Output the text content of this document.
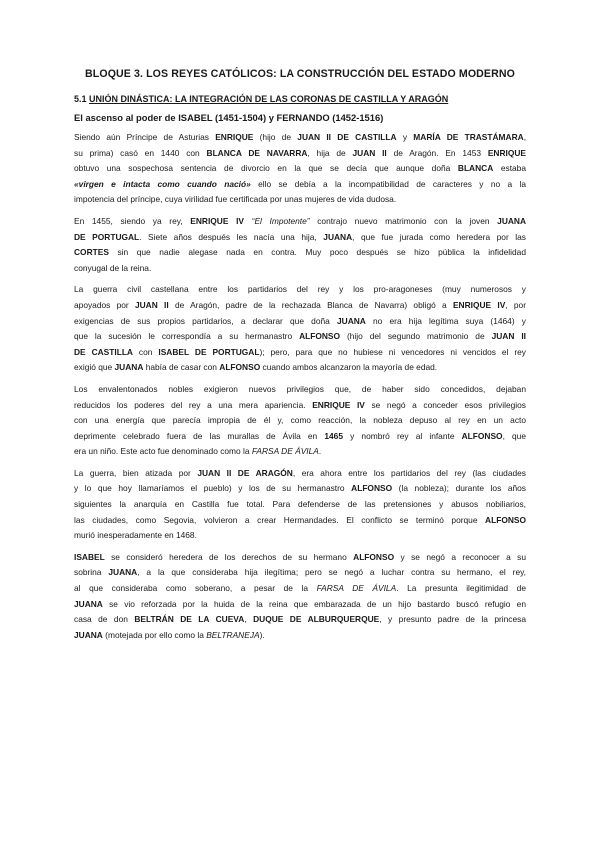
BLOQUE 3. LOS REYES CATÓLICOS: LA CONSTRUCCIÓN DEL ESTADO MODERNO
5.1 UNIÓN DINÁSTICA: LA INTEGRACIÓN DE LAS CORONAS DE CASTILLA Y ARAGÓN
El ascenso al poder de ISABEL (1451-1504) y FERNANDO (1452-1516)
Siendo aún Príncipe de Asturias ENRIQUE (hijo de JUAN II DE CASTILLA y MARÍA DE TRASTÁMARA,
su prima) casó en 1440 con BLANCA DE NAVARRA, hija de JUAN II de Aragón. En 1453 ENRIQUE
obtuvo una sospechosa sentencia de divorcio en la que se decía que aunque doña BLANCA estaba
«virgen e intacta como cuando nació» ello se debía a la incompatibilidad de caracteres y no a la
impotencia del príncipe, cuya virilidad fue certificada por unas mujeres de vida dudosa.
En 1455, siendo ya rey, ENRIQUE IV “El Impotente” contrajo nuevo matrimonio con la joven JUANA
DE PORTUGAL. Siete años después les nacía una hija, JUANA, que fue jurada como heredera por las
CORTES sin que nadie alegase nada en contra. Muy poco después se hizo pública la infidelidad
conyugal de la reina.
La guerra civil castellana entre los partidarios del rey y los pro-aragoneses (muy numerosos y
apoyados por JUAN II de Aragón, padre de la rechazada Blanca de Navarra) obligó a ENRIQUE IV, por
exigencias de sus propios partidarios, a declarar que doña JUANA no era hija legítima suya (1464) y
que la sucesión le correspondía a su hermanastro ALFONSO (hijo del segundo matrimonio de JUAN II
DE CASTILLA con ISABEL DE PORTUGAL); pero, para que no hubiese ni vencedores ni vencidos el rey
exigió que JUANA había de casar con ALFONSO cuando ambos alcanzaron la mayoría de edad.
Los envalentonados nobles exigieron nuevos privilegios que, de haber sido concedidos, dejaban
reducidos los poderes del rey a una mera apariencia. ENRIQUE IV se negó a conceder esos privilegios
con una energía que parecía impropia de él y, como reacción, la nobleza depuso al rey en un acto
deprimente celebrado fuera de las murallas de Ávila en 1465 y nombró rey al infante ALFONSO, que
era un niño. Este acto fue denominado como la FARSA DE ÁVILA.
La guerra, bien atizada por JUAN II DE ARAGÓN, era ahora entre los partidarios del rey (las ciudades
y lo que hoy llamaríamos el pueblo) y los de su hermanastro ALFONSO (la nobleza); durante los años
siguientes la anarquía en Castilla fue total. Para defenderse de las pretensiones y abusos nobiliarios,
las ciudades, como Segovia, volvieron a crear Hermandades. El conflicto se terminó porque ALFONSO
murió inesperadamente en 1468.
ISABEL se consideró heredera de los derechos de su hermano ALFONSO y se negó a reconocer a su
sobrina JUANA, a la que consideraba hija ilegítima; pero se negó a luchar contra su hermano, el rey,
al que consideraba como soberano, a pesar de la FARSA DE ÁVILA. La presunta ilegitimidad de
JUANA se vio reforzada por la huida de la reina que embarazada de un hijo bastardo buscó refugio en
casa de don BELTRÁN DE LA CUEVA, DUQUE DE ALBURQUERQUE, y presunto padre de la princesa
JUANA (motejada por ello como la BELTRANEJA).
